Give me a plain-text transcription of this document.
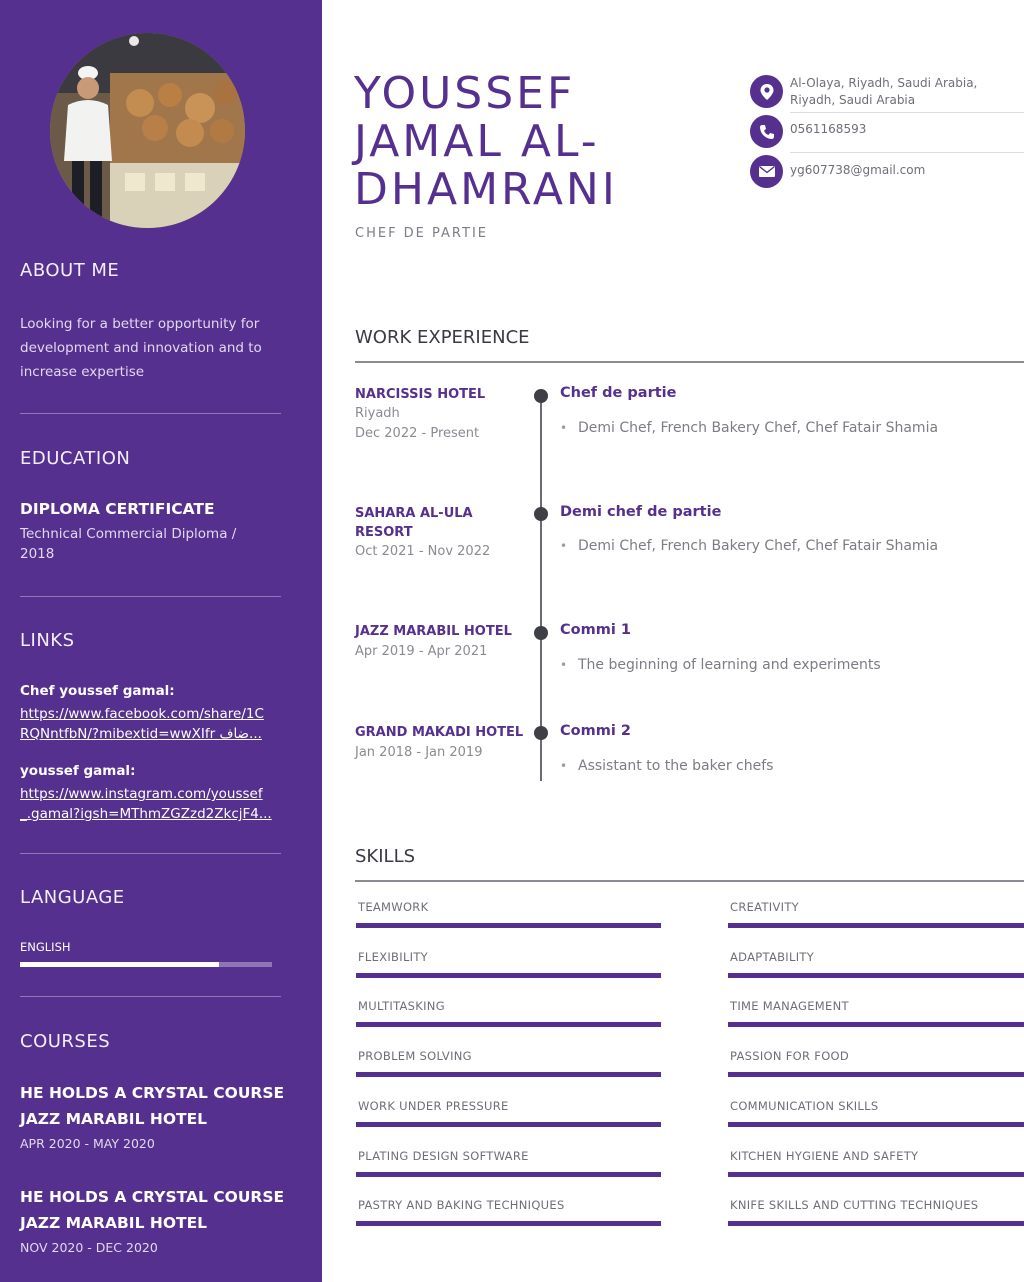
ABOUT ME
Looking for a better opportunity for development and innovation and to increase expertise
EDUCATION
DIPLOMA CERTIFICATE
Technical Commercial Diploma / 2018
LINKS
Chef youssef gamal:
https://www.facebook.com/share/1CRQNntfbN/?mibextid=wwXIfr ضاف...
youssef gamal:
https://www.instagram.com/youssef_.gamal?igsh=MThmZGZzd2ZkcjF4...
LANGUAGE
ENGLISH
COURSES
HE HOLDS A CRYSTAL COURSE
JAZZ MARABIL HOTEL
APR 2020 - MAY 2020
HE HOLDS A CRYSTAL COURSE
JAZZ MARABIL HOTEL
NOV 2020 - DEC 2020
YOUSSEF
JAMAL AL-
DHAMRANI
CHEF DE PARTIE
Al-Olaya, Riyadh, Saudi Arabia, Riyadh, Saudi Arabia
0561168593
yg607738@gmail.com
WORK EXPERIENCE
NARCISSIS HOTEL
Riyadh
Dec 2022 - Present
Chef de partie
• Demi Chef, French Bakery Chef, Chef Fatair Shamia
SAHARA AL-ULA RESORT
Oct 2021 - Nov 2022
Demi chef de partie
• Demi Chef, French Bakery Chef, Chef Fatair Shamia
JAZZ MARABIL HOTEL
Apr 2019 - Apr 2021
Commi 1
• The beginning of learning and experiments
GRAND MAKADI HOTEL
Jan 2018 - Jan 2019
Commi 2
• Assistant to the baker chefs
SKILLS
TEAMWORK
FLEXIBILITY
MULTITASKING
PROBLEM SOLVING
WORK UNDER PRESSURE
PLATING DESIGN SOFTWARE
PASTRY AND BAKING TECHNIQUES
CREATIVITY
ADAPTABILITY
TIME MANAGEMENT
PASSION FOR FOOD
COMMUNICATION SKILLS
KITCHEN HYGIENE AND SAFETY
KNIFE SKILLS AND CUTTING TECHNIQUES
